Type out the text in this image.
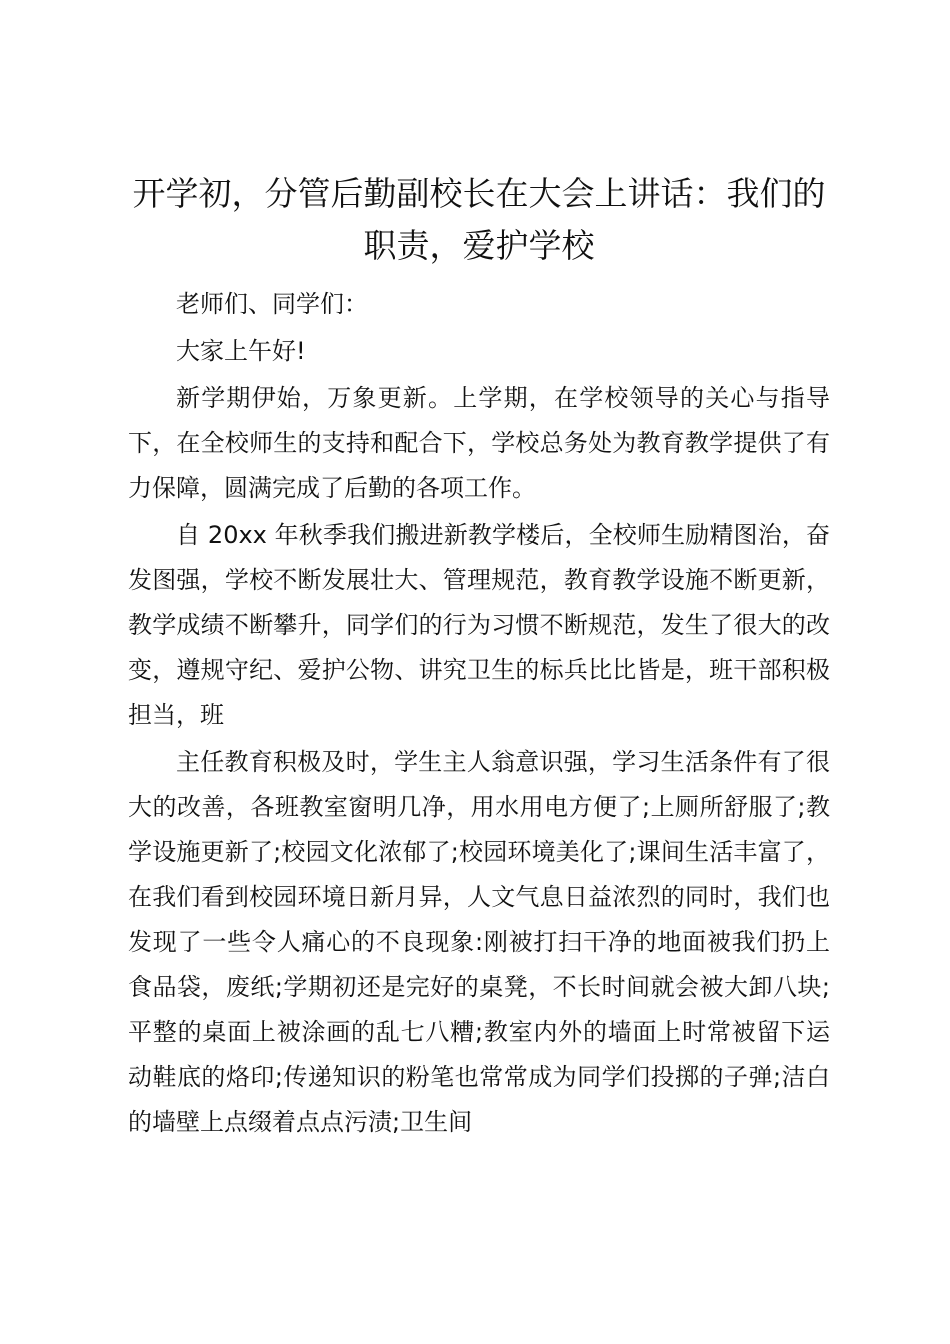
开学初，分管后勤副校长在大会上讲话：我们的职责，爱护学校

老师们、同学们：

大家上午好!

新学期伊始，万象更新。上学期，在学校领导的关心与指导下，在全校师生的支持和配合下，学校总务处为教育教学提供了有力保障，圆满完成了后勤的各项工作。

自 20xx 年秋季我们搬进新教学楼后，全校师生励精图治，奋发图强，学校不断发展壮大、管理规范，教育教学设施不断更新，教学成绩不断攀升，同学们的行为习惯不断规范，发生了很大的改变，遵规守纪、爱护公物、讲究卫生的标兵比比皆是，班干部积极担当，班

主任教育积极及时，学生主人翁意识强，学习生活条件有了很大的改善，各班教室窗明几净，用水用电方便了;上厕所舒服了;教学设施更新了;校园文化浓郁了;校园环境美化了;课间生活丰富了，在我们看到校园环境日新月异，人文气息日益浓烈的同时，我们也发现了一些令人痛心的不良现象:刚被打扫干净的地面被我们扔上食品袋，废纸;学期初还是完好的桌凳，不长时间就会被大卸八块;平整的桌面上被涂画的乱七八糟;教室内外的墙面上时常被留下运动鞋底的烙印;传递知识的粉笔也常常成为同学们投掷的子弹;洁白的墙壁上点缀着点点污渍;卫生间
